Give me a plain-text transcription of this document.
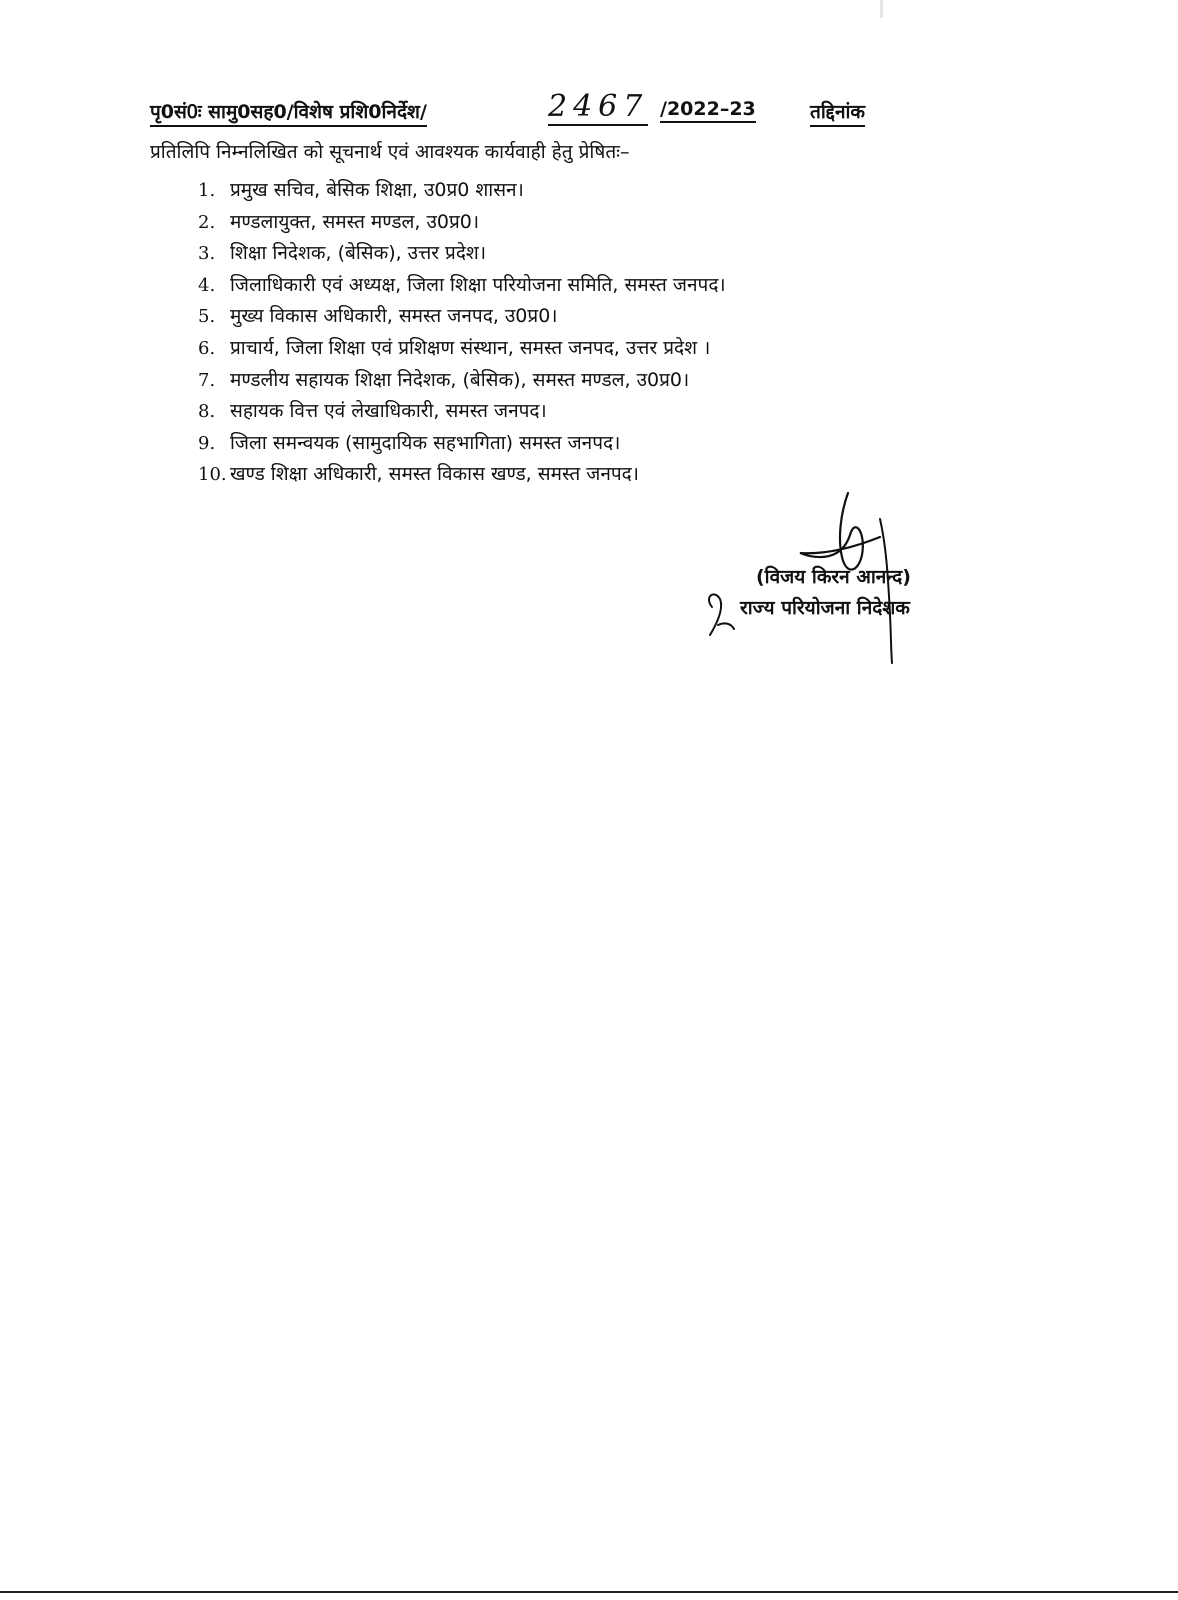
पृ0सं0ः सामु0सह0/विशेष प्रशि0निर्देश/	2467 /2022–23	तद्दिनांक
प्रतिलिपि निम्नलिखित को सूचनार्थ एवं आवश्यक कार्यवाही हेतु प्रेषितः–
1. प्रमुख सचिव, बेसिक शिक्षा, उ0प्र0 शासन।
2. मण्डलायुक्त, समस्त मण्डल, उ0प्र0।
3. शिक्षा निदेशक, (बेसिक), उत्तर प्रदेश।
4. जिलाधिकारी एवं अध्यक्ष, जिला शिक्षा परियोजना समिति, समस्त जनपद।
5. मुख्य विकास अधिकारी, समस्त जनपद, उ0प्र0।
6. प्राचार्य, जिला शिक्षा एवं प्रशिक्षण संस्थान, समस्त जनपद, उत्तर प्रदेश ।
7. मण्डलीय सहायक शिक्षा निदेशक, (बेसिक), समस्त मण्डल, उ0प्र0।
8. सहायक वित्त एवं लेखाधिकारी, समस्त जनपद।
9. जिला समन्वयक (सामुदायिक सहभागिता) समस्त जनपद।
10. खण्ड शिक्षा अधिकारी, समस्त विकास खण्ड, समस्त जनपद।
(विजय किरन आनन्द)
राज्य परियोजना निदेशक
